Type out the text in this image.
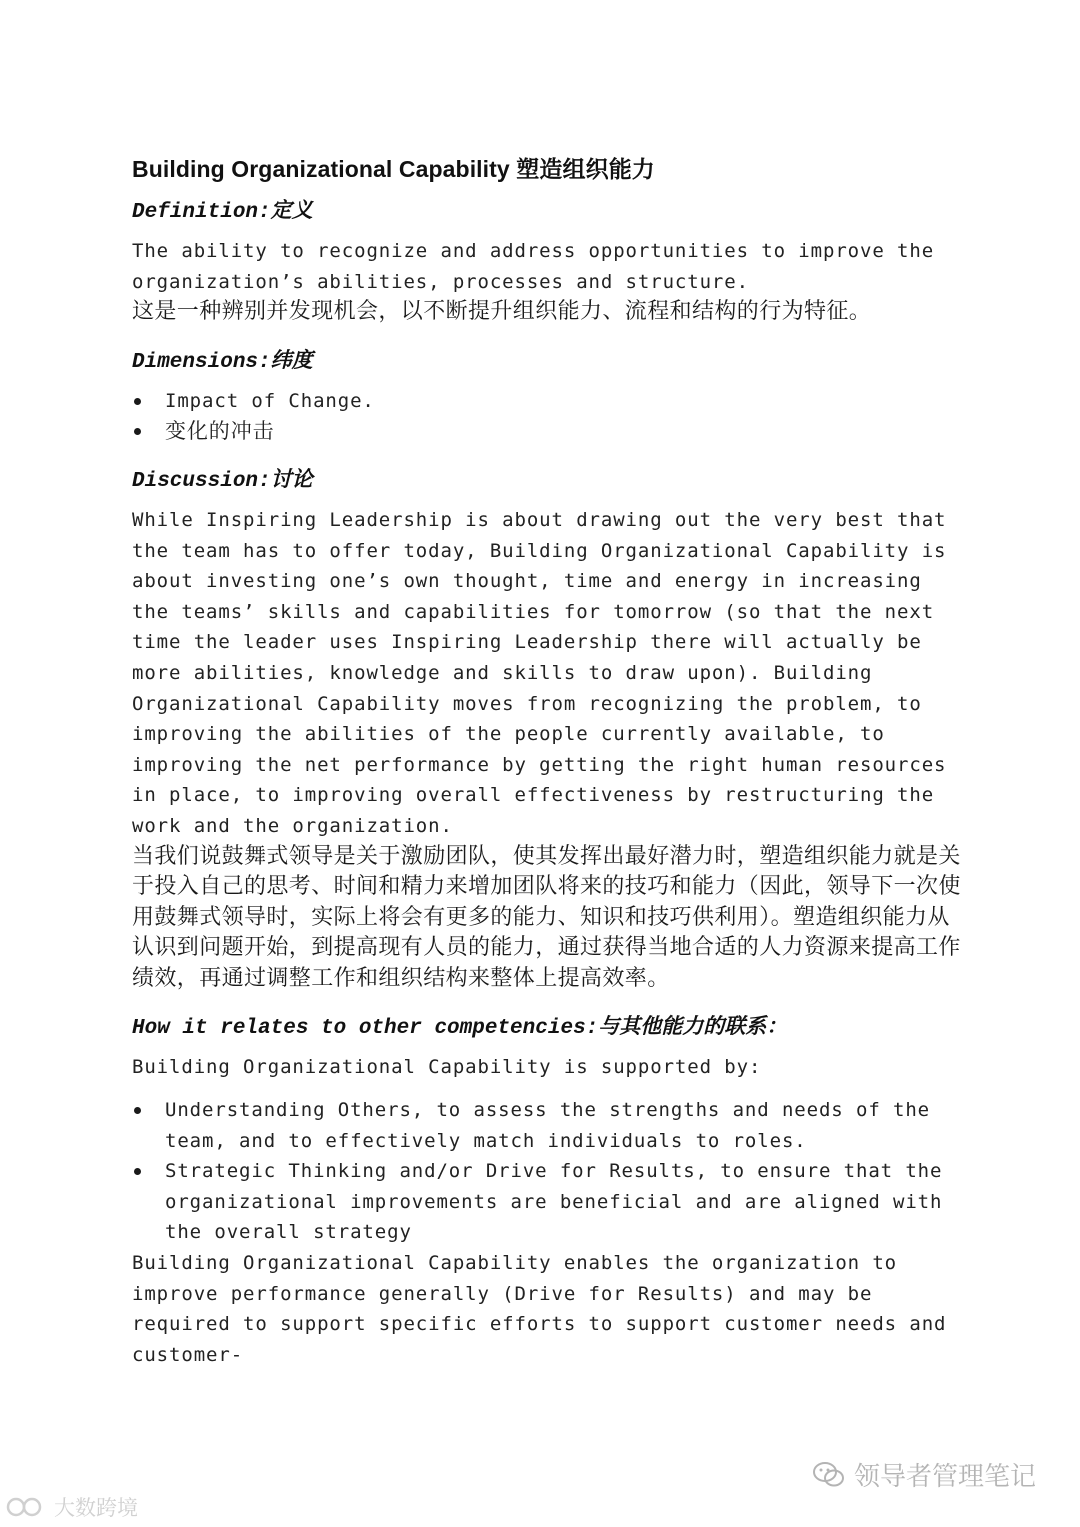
Building Organizational Capability 塑造组织能力
Definition:定义

The ability to recognize and address opportunities to improve the organization’s abilities, processes and structure.

这是一种辨别并发现机会，以不断提升组织能力、流程和结构的行为特征。

Dimensions:纬度
Impact of Change.
变化的冲击
Discussion:讨论

While Inspiring Leadership is about drawing out the very best that the team has to offer today, Building Organizational Capability is about investing one’s own thought, time and energy in increasing the teams’ skills and capabilities for tomorrow (so that the next time the leader uses Inspiring Leadership there will actually be more abilities, knowledge and skills to draw upon). Building Organizational Capability moves from recognizing the problem, to improving the abilities of the people currently available, to improving the net performance by getting the right human resources in place, to improving overall effectiveness by restructuring the work and the organization.

当我们说鼓舞式领导是关于激励团队，使其发挥出最好潜力时，塑造组织能力就是关于投入自己的思考、时间和精力来增加团队将来的技巧和能力（因此，领导下一次使用鼓舞式领导时，实际上将会有更多的能力、知识和技巧供利用）。塑造组织能力从认识到问题开始，到提高现有人员的能力，通过获得当地合适的人力资源来提高工作绩效，再通过调整工作和组织结构来整体上提高效率。

How it relates to other competencies:与其他能力的联系：

Building Organizational Capability is supported by:

Understanding Others, to assess the strengths and needs of the team, and to effectively match individuals to roles.
Strategic Thinking and/or Drive for Results, to ensure that the organizational improvements are beneficial and are aligned with the overall strategy

Building Organizational Capability enables the organization to improve performance generally (Drive for Results) and may be required to support specific efforts to support customer needs and customer-

领导者管理笔记
大数跨境
